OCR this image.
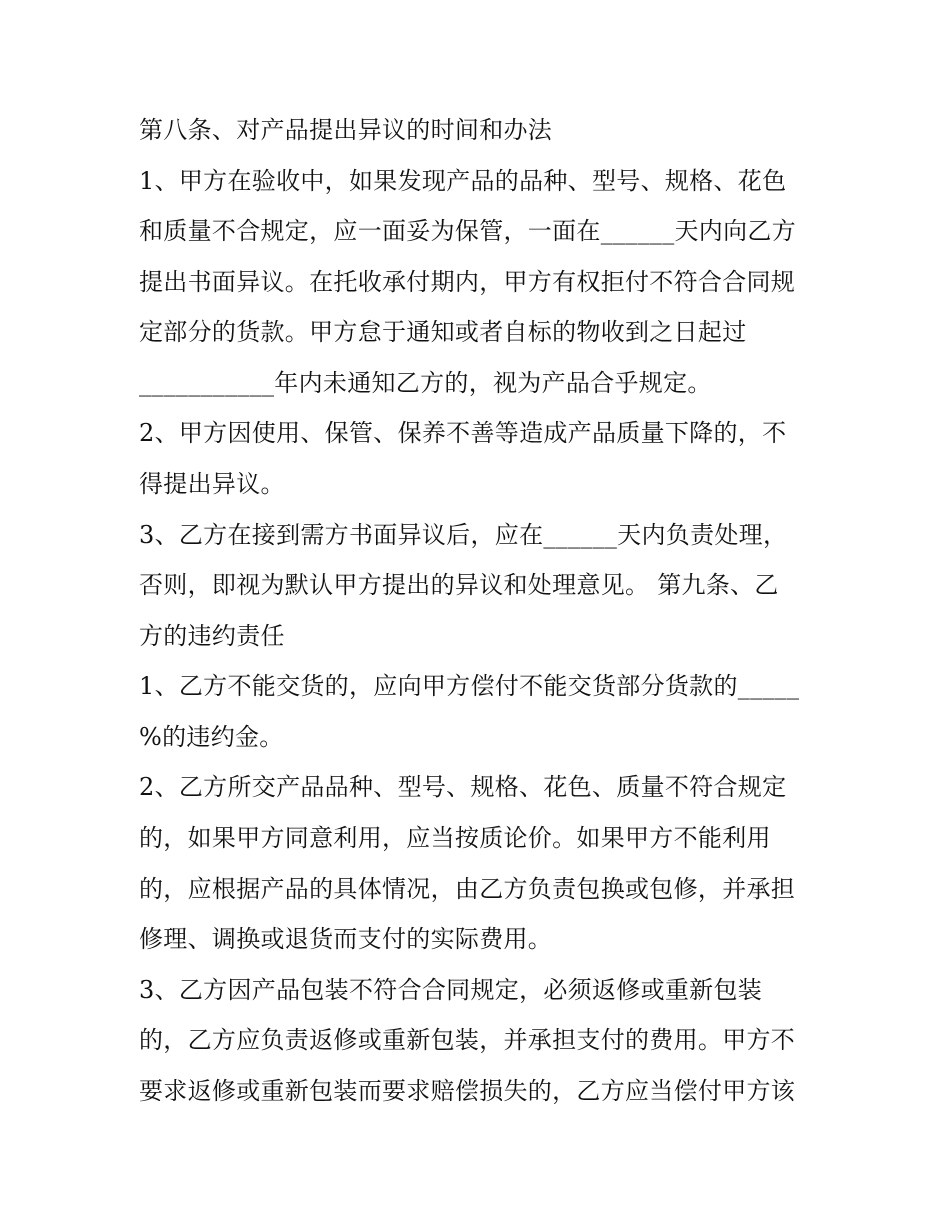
第八条、对产品提出异议的时间和办法
1、甲方在验收中，如果发现产品的品种、型号、规格、花色
和质量不合规定，应一面妥为保管，一面在______天内向乙方
提出书面异议。在托收承付期内，甲方有权拒付不符合合同规
定部分的货款。甲方怠于通知或者自标的物收到之日起过
___________年内未通知乙方的，视为产品合乎规定。
2、甲方因使用、保管、保养不善等造成产品质量下降的，不
得提出异议。
3、乙方在接到需方书面异议后，应在______天内负责处理，
否则，即视为默认甲方提出的异议和处理意见。 第九条、乙
方的违约责任
1、乙方不能交货的，应向甲方偿付不能交货部分货款的_____
%的违约金。
2、乙方所交产品品种、型号、规格、花色、质量不符合规定
的，如果甲方同意利用，应当按质论价。如果甲方不能利用
的，应根据产品的具体情况，由乙方负责包换或包修，并承担
修理、调换或退货而支付的实际费用。
3、乙方因产品包装不符合合同规定，必须返修或重新包装
的，乙方应负责返修或重新包装，并承担支付的费用。甲方不
要求返修或重新包装而要求赔偿损失的，乙方应当偿付甲方该
